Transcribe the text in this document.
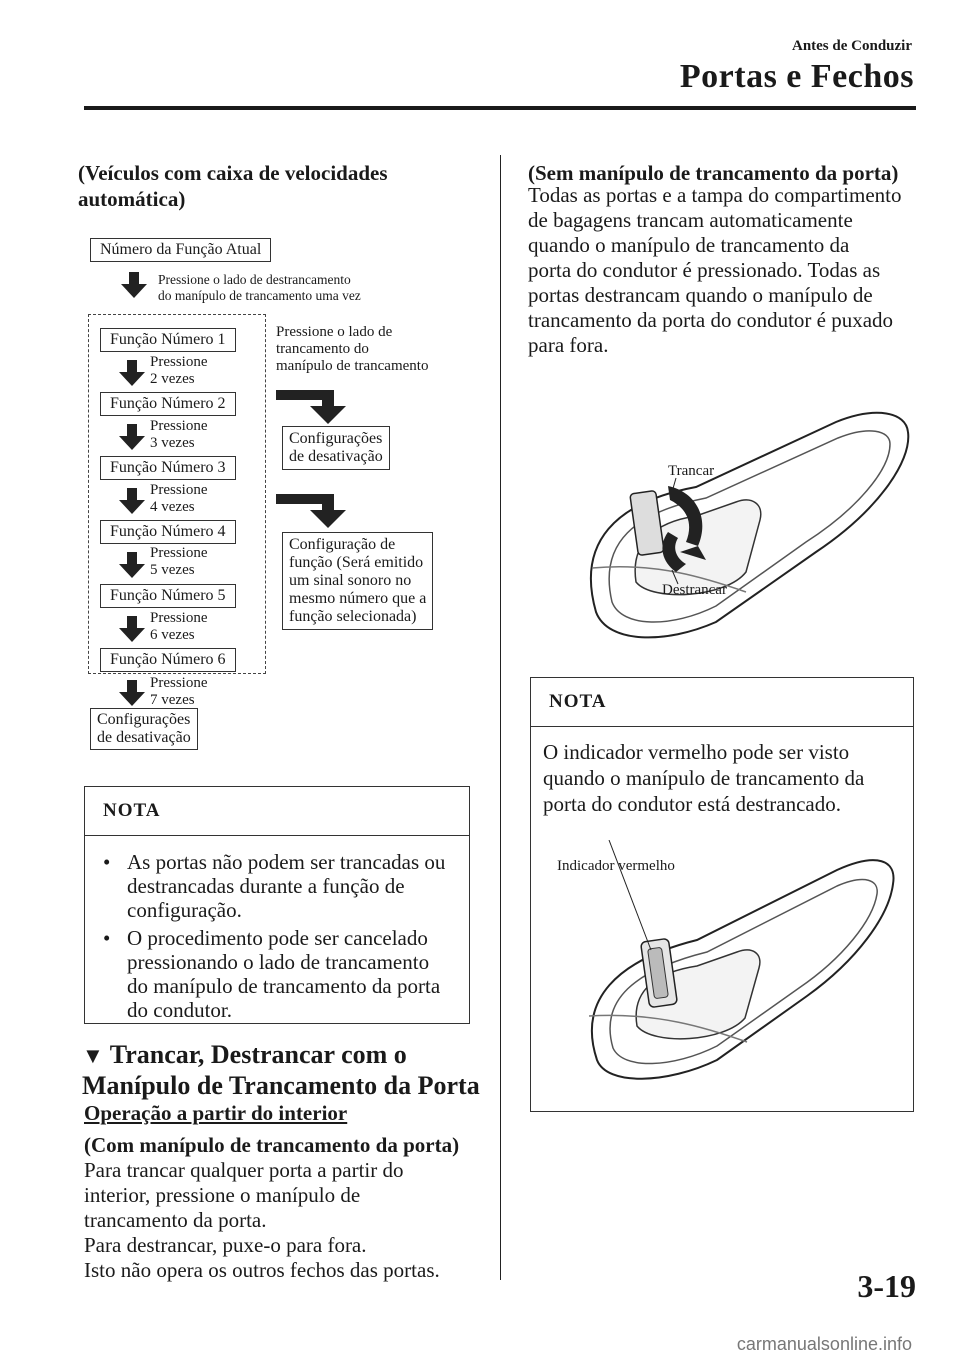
Antes de Conduzir
Portas e Fechos
(Veículos com caixa de velocidades automática)
Número da Função Atual
Pressione o lado de destrancamento
do manípulo de trancamento uma vez
Pressione o lado de
trancamento do
manípulo de trancamento
Função Número 1
Função Número 2
Função Número 3
Função Número 4
Função Número 5
Função Número 6
Pressione
2 vezes
Pressione
3 vezes
Pressione
4 vezes
Pressione
5 vezes
Pressione
6 vezes
Pressione
7 vezes
Configurações
de desativação
Configurações
de desativação
Configuração de
função (Será emitido
um sinal sonoro no
mesmo número que a
função selecionada)
NOTA
• As portas não podem ser trancadas ou destrancadas durante a função de configuração.
• O procedimento pode ser cancelado pressionando o lado de trancamento do manípulo de trancamento da porta do condutor.
▼ Trancar, Destrancar com o Manípulo de Trancamento da Porta
Operação a partir do interior
(Com manípulo de trancamento da porta)
Para trancar qualquer porta a partir do
interior, pressione o manípulo de
trancamento da porta.
Para destrancar, puxe-o para fora.
Isto não opera os outros fechos das portas.
(Sem manípulo de trancamento da porta)
Todas as portas e a tampa do compartimento
de bagagens trancam automaticamente
quando o manípulo de trancamento da
porta do condutor é pressionado. Todas as
portas destrancam quando o manípulo de
trancamento da porta do condutor é puxado
para fora.
Trancar
Destrancar
NOTA
O indicador vermelho pode ser visto
quando o manípulo de trancamento da
porta do condutor está destrancado.
Indicador vermelho
3-19
carmanualsonline.info
